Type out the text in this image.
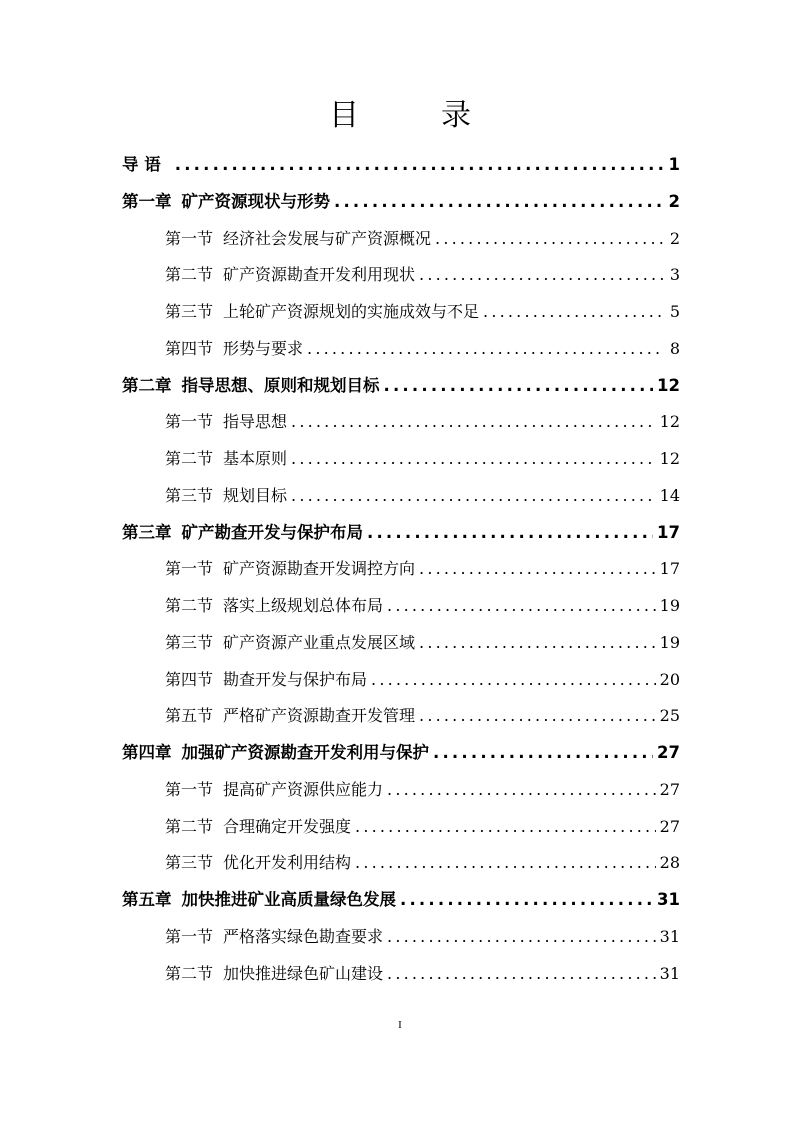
目　录
导 语 .....	1
第一章 矿产资源现状与形势 .....	2
第一节 经济社会发展与矿产资源概况 .....	2
第二节 矿产资源勘查开发利用现状 .....	3
第三节 上轮矿产资源规划的实施成效与不足 .....	5
第四节 形势与要求 .....	8
第二章 指导思想、原则和规划目标 .....	12
第一节 指导思想 .....	12
第二节 基本原则 .....	12
第三节 规划目标 .....	14
第三章 矿产勘查开发与保护布局 .....	17
第一节 矿产资源勘查开发调控方向 .....	17
第二节 落实上级规划总体布局 .....	19
第三节 矿产资源产业重点发展区域 .....	19
第四节 勘查开发与保护布局 .....	20
第五节 严格矿产资源勘查开发管理 .....	25
第四章 加强矿产资源勘查开发利用与保护 .....	27
第一节 提高矿产资源供应能力 .....	27
第二节 合理确定开发强度 .....	27
第三节 优化开发利用结构 .....	28
第五章 加快推进矿业高质量绿色发展 .....	31
第一节 严格落实绿色勘查要求 .....	31
第二节 加快推进绿色矿山建设 .....	31
I
